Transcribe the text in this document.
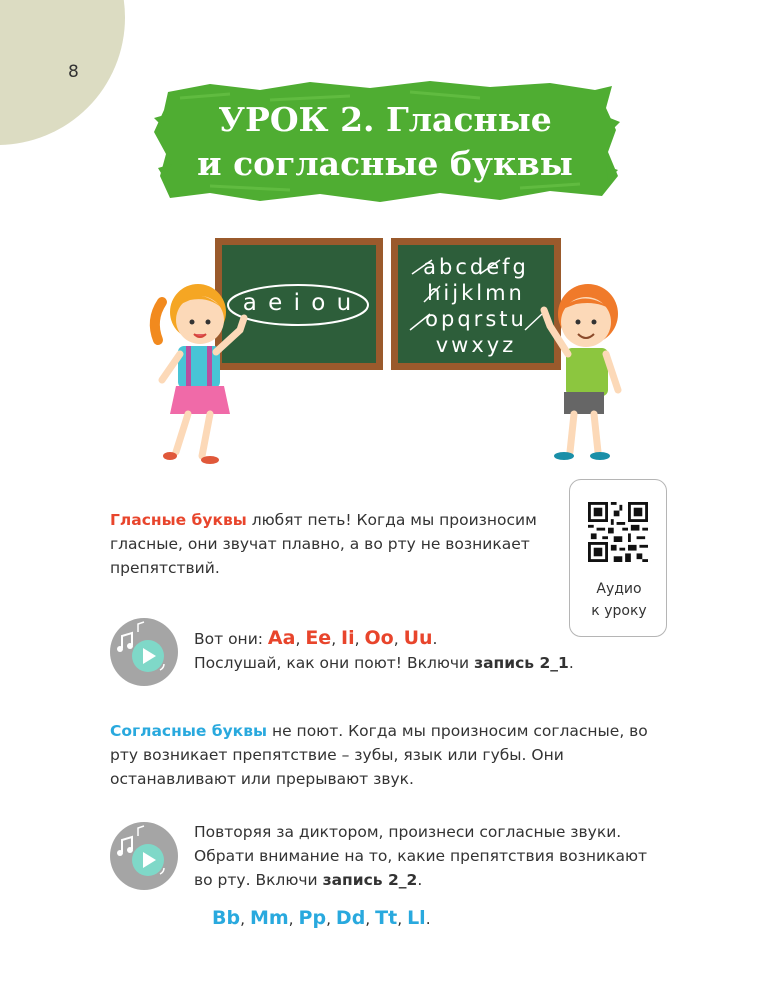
8
УРОК 2. Гласные
и согласные буквы
a e i o u
abcdefg
hijklmn
opqrstu
vwxyz
Аудио
к уроку
Гласные буквы любят петь! Когда мы произносим гласные, они звучат плавно, а во рту не возникает препятствий.
Вот они: Aa, Ee, Ii, Oo, Uu.
Послушай, как они поют! Включи запись 2_1.
Согласные буквы не поют. Когда мы произносим согласные, во рту возникает препятствие – зубы, язык или губы. Они останавливают или прерывают звук.
Повторяя за диктором, произнеси согласные звуки. Обрати внимание на то, какие препятствия возникают во рту. Включи запись 2_2.
Bb, Mm, Pp, Dd, Tt, Ll.
